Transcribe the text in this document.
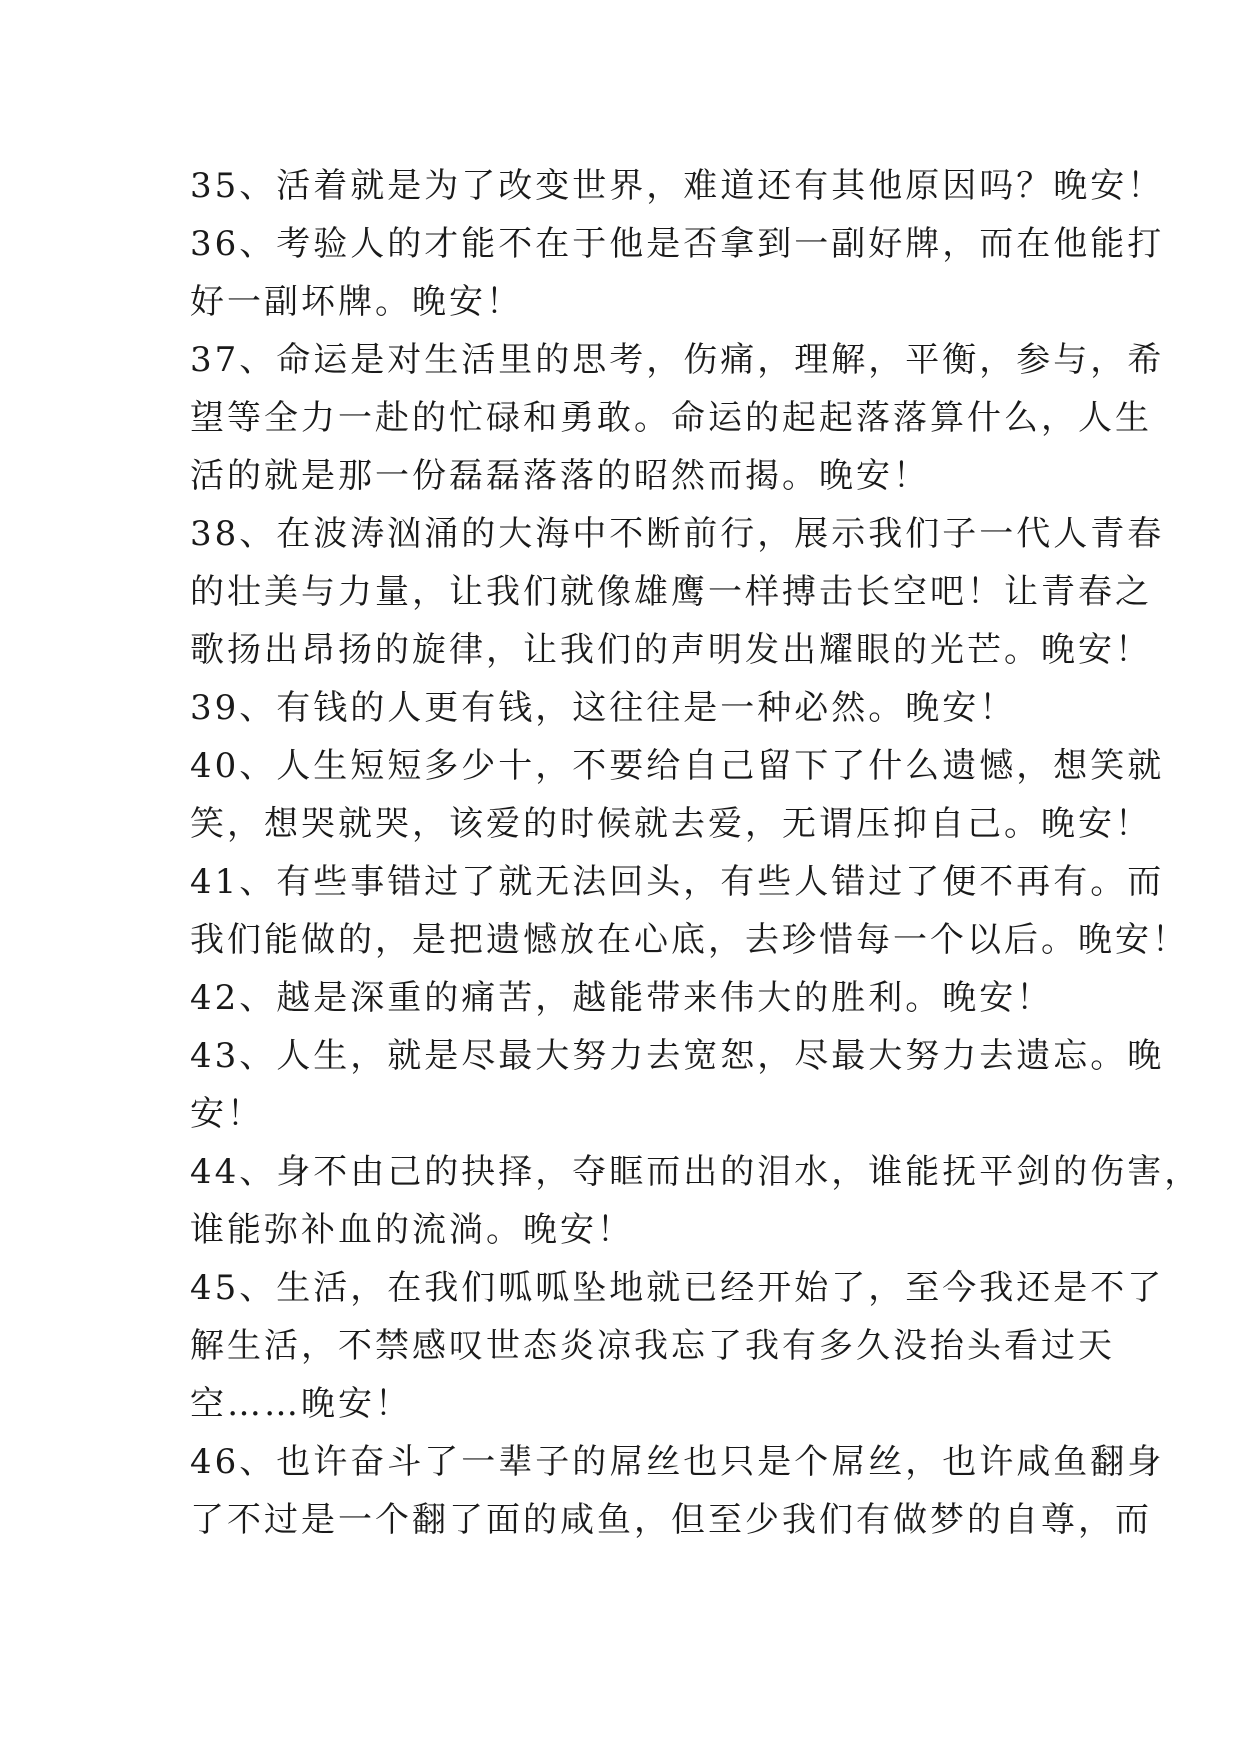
35、活着就是为了改变世界，难道还有其他原因吗？晚安！
36、考验人的才能不在于他是否拿到一副好牌，而在他能打
好一副坏牌。晚安！
37、命运是对生活里的思考，伤痛，理解，平衡，参与，希
望等全力一赴的忙碌和勇敢。命运的起起落落算什么，人生
活的就是那一份磊磊落落的昭然而揭。晚安！
38、在波涛汹涌的大海中不断前行，展示我们子一代人青春
的壮美与力量，让我们就像雄鹰一样搏击长空吧！让青春之
歌扬出昂扬的旋律，让我们的声明发出耀眼的光芒。晚安！
39、有钱的人更有钱，这往往是一种必然。晚安！
40、人生短短多少十，不要给自己留下了什么遗憾，想笑就
笑，想哭就哭，该爱的时候就去爱，无谓压抑自己。晚安！
41、有些事错过了就无法回头，有些人错过了便不再有。而
我们能做的，是把遗憾放在心底，去珍惜每一个以后。晚安！
42、越是深重的痛苦，越能带来伟大的胜利。晚安！
43、人生，就是尽最大努力去宽恕，尽最大努力去遗忘。晚
安！
44、身不由己的抉择，夺眶而出的泪水，谁能抚平剑的伤害，
谁能弥补血的流淌。晚安！
45、生活，在我们呱呱坠地就已经开始了，至今我还是不了
解生活，不禁感叹世态炎凉我忘了我有多久没抬头看过天
空……晚安！
46、也许奋斗了一辈子的屌丝也只是个屌丝，也许咸鱼翻身
了不过是一个翻了面的咸鱼，但至少我们有做梦的自尊，而
